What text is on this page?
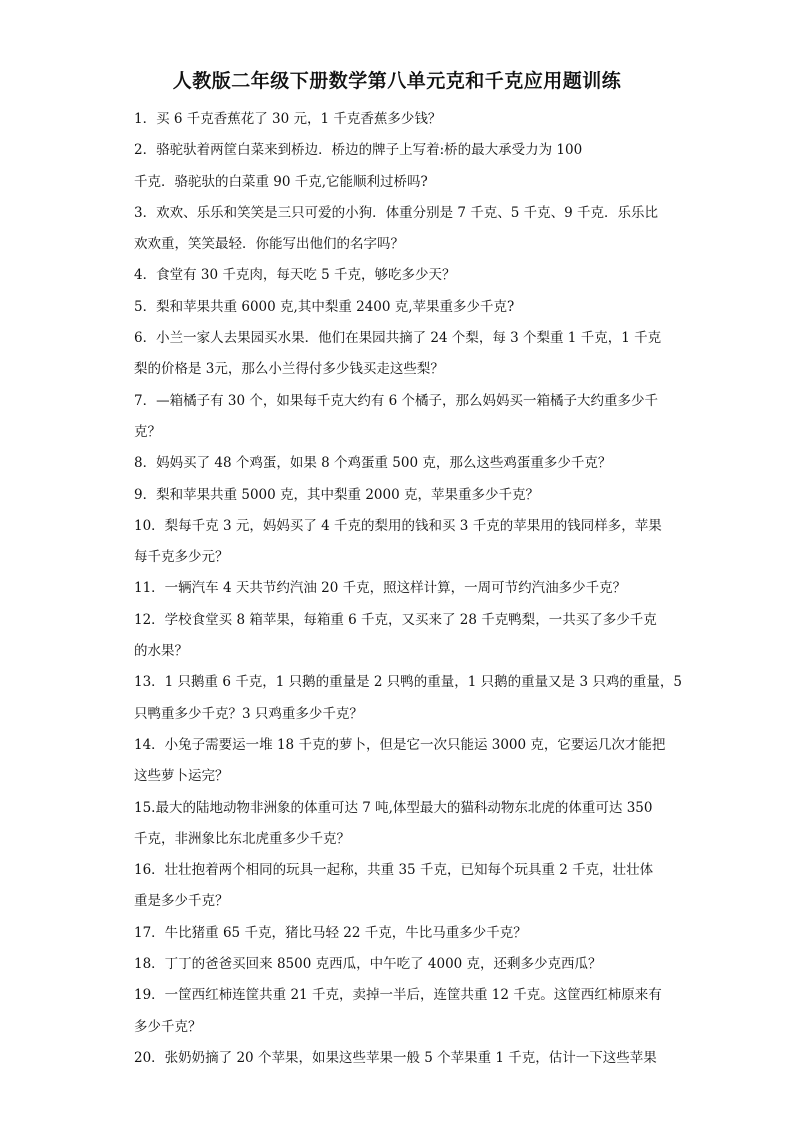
人教版二年级下册数学第八单元克和千克应用题训练
1．买 6 千克香蕉花了 30 元，1 千克香蕉多少钱？
2．骆驼驮着两筐白菜来到桥边．桥边的牌子上写着:桥的最大承受力为 100
千克．骆驼驮的白菜重 90 千克,它能顺利过桥吗?
3．欢欢、乐乐和笑笑是三只可爱的小狗．体重分别是 7 千克、5 千克、9 千克．乐乐比
欢欢重，笑笑最轻．你能写出他们的名字吗？
4．食堂有 30 千克肉，每天吃 5 千克，够吃多少天？
5．梨和苹果共重 6000 克,其中梨重 2400 克,苹果重多少千克?
6．小兰一家人去果园买水果．他们在果园共摘了 24 个梨，每 3 个梨重 1 千克，1 千克
梨的价格是 3元，那么小兰得付多少钱买走这些梨？
7．—箱橘子有 30 个，如果每千克大约有 6 个橘子，那么妈妈买一箱橘子大约重多少千
克？
8．妈妈买了 48 个鸡蛋，如果 8 个鸡蛋重 500 克，那么这些鸡蛋重多少千克？
9．梨和苹果共重 5000 克，其中梨重 2000 克，苹果重多少千克？
10．梨每千克 3 元，妈妈买了 4 千克的梨用的钱和买 3 千克的苹果用的钱同样多，苹果
每千克多少元？
11．一辆汽车 4 天共节约汽油 20 千克，照这样计算，一周可节约汽油多少千克？
12．学校食堂买 8 箱苹果，每箱重 6 千克，又买来了 28 千克鸭梨，一共买了多少千克
的水果？
13．1 只鹅重 6 千克，1 只鹅的重量是 2 只鸭的重量，1 只鹅的重量又是 3 只鸡的重量，5
只鸭重多少千克？3 只鸡重多少千克？
14．小兔子需要运一堆 18 千克的萝卜，但是它一次只能运 3000 克，它要运几次才能把
这些萝卜运完？
15.最大的陆地动物非洲象的体重可达 7 吨,体型最大的猫科动物东北虎的体重可达 350
千克，非洲象比东北虎重多少千克？
16．壮壮抱着两个相同的玩具一起称，共重 35 千克，已知每个玩具重 2 千克，壮壮体
重是多少千克？
17．牛比猪重 65 千克，猪比马轻 22 千克，牛比马重多少千克？
18．丁丁的爸爸买回来 8500 克西瓜，中午吃了 4000 克，还剩多少克西瓜？
19．一筐西红柿连筐共重 21 千克，卖掉一半后，连筐共重 12 千克。这筐西红柿原来有
多少千克？
20．张奶奶摘了 20 个苹果，如果这些苹果一般 5 个苹果重 1 千克，估计一下这些苹果
